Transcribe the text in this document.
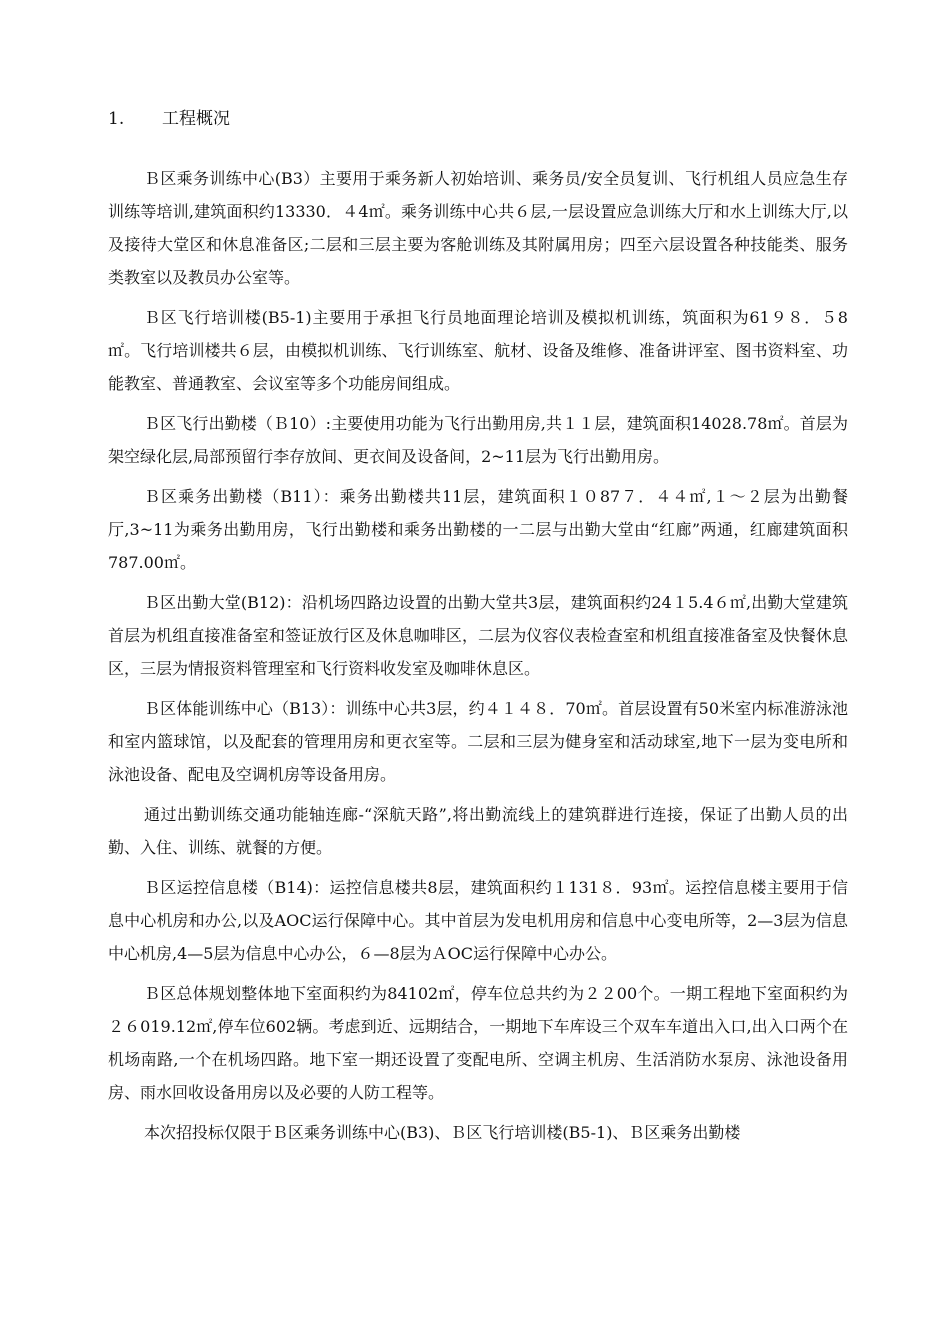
1. 工程概况

Ｂ区乘务训练中心(B3）主要用于乘务新人初始培训、乘务员/安全员复训、飞行机组人员应急生存训练等培训,建筑面积约13330．４4㎡。乘务训练中心共６层,一层设置应急训练大厅和水上训练大厅,以及接待大堂区和休息准备区;二层和三层主要为客舱训练及其附属用房；四至六层设置各种技能类、服务类教室以及教员办公室等。

Ｂ区飞行培训楼(B5-1)主要用于承担飞行员地面理论培训及模拟机训练，筑面积为61９８．５8㎡。飞行培训楼共６层，由模拟机训练、飞行训练室、航材、设备及维修、准备讲评室、图书资料室、功能教室、普通教室、会议室等多个功能房间组成。

Ｂ区飞行出勤楼（Ｂ10）:主要使用功能为飞行出勤用房,共１１层，建筑面积14028.78㎡。首层为架空绿化层,局部预留行李存放间、更衣间及设备间，2~11层为飞行出勤用房。

Ｂ区乘务出勤楼（B11）：乘务出勤楼共11层，建筑面积１０87７．４４㎡,１～２层为出勤餐厅,3~11为乘务出勤用房，飞行出勤楼和乘务出勤楼的一二层与出勤大堂由“红廊”两通，红廊建筑面积787.00㎡。

Ｂ区出勤大堂(B12)：沿机场四路边设置的出勤大堂共3层，建筑面积约24１5.4６㎡,出勤大堂建筑首层为机组直接准备室和签证放行区及休息咖啡区，二层为仪容仪表检查室和机组直接准备室及快餐休息区，三层为情报资料管理室和飞行资料收发室及咖啡休息区。

Ｂ区体能训练中心（B13）：训练中心共3层，约４１４８．70㎡。首层设置有50米室内标准游泳池和室内篮球馆，以及配套的管理用房和更衣室等。二层和三层为健身室和活动球室,地下一层为变电所和泳池设备、配电及空调机房等设备用房。

通过出勤训练交通功能轴连廊-“深航天路”,将出勤流线上的建筑群进行连接，保证了出勤人员的出勤、入住、训练、就餐的方便。

Ｂ区运控信息楼（B14)：运控信息楼共8层，建筑面积约１131８．93㎡。运控信息楼主要用于信息中心机房和办公,以及AOC运行保障中心。其中首层为发电机用房和信息中心变电所等，2—3层为信息中心机房,4—5层为信息中心办公，６—8层为ＡOC运行保障中心办公。

Ｂ区总体规划整体地下室面积约为84102㎡，停车位总共约为２２00个。一期工程地下室面积约为２６019.12㎡,停车位602辆。考虑到近、远期结合，一期地下车库设三个双车车道出入口,出入口两个在机场南路,一个在机场四路。地下室一期还设置了变配电所、空调主机房、生活消防水泵房、泳池设备用房、雨水回收设备用房以及必要的人防工程等。

本次招投标仅限于Ｂ区乘务训练中心(B3)、Ｂ区飞行培训楼(B5-1)、Ｂ区乘务出勤楼
